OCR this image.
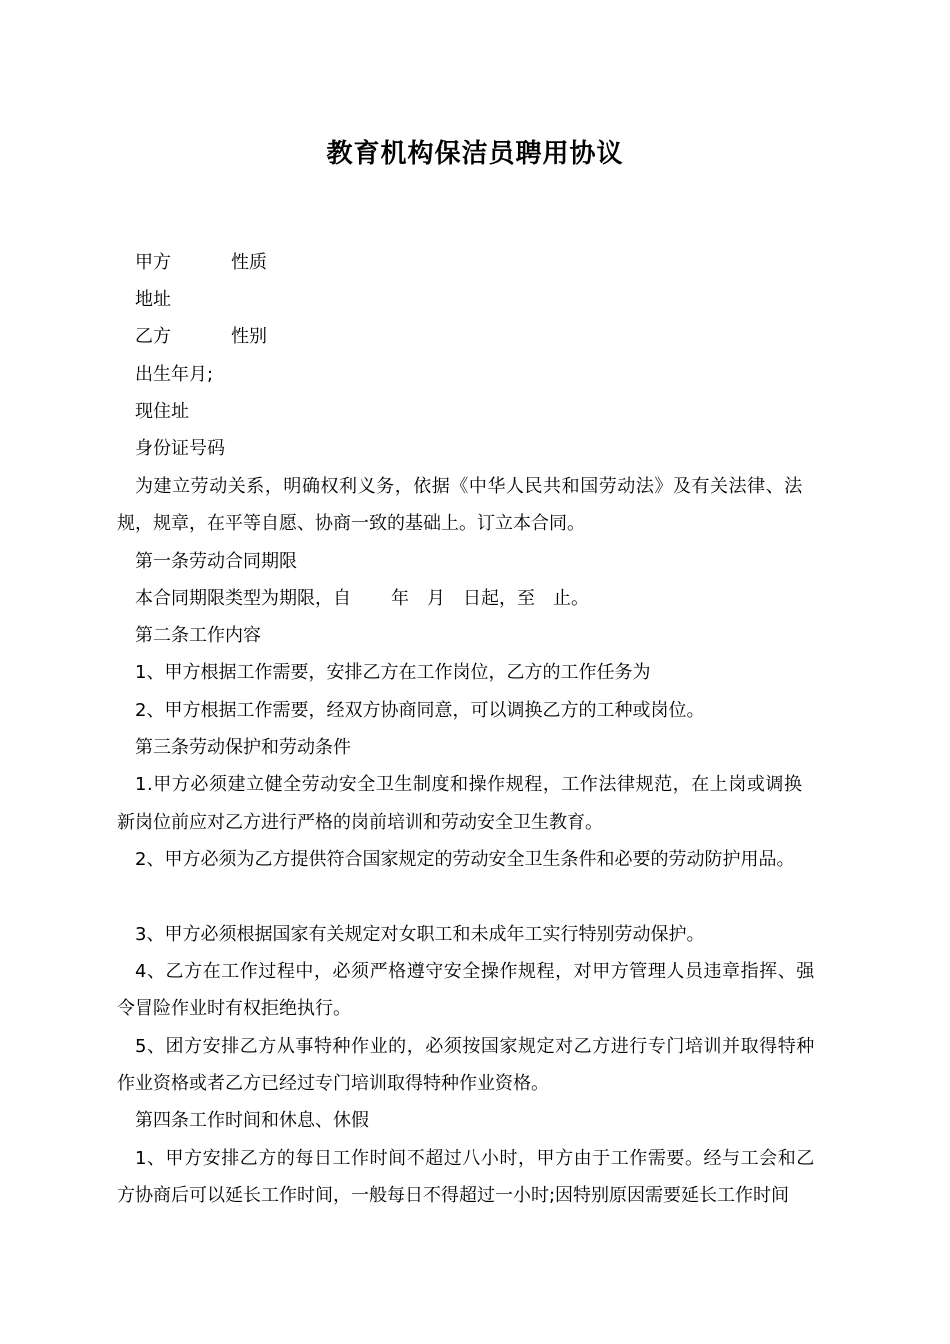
教育机构保洁员聘用协议
甲方	性质
地址
乙方	性别
出生年月;
现住址
身份证号码
为建立劳动关系，明确权利义务，依据《中华人民共和国劳动法》及有关法律、法
规，规章，在平等自愿、协商一致的基础上。订立本合同。
第一条劳动合同期限
本合同期限类型为期限，自 年 月 日起，至 止。
第二条工作内容
1、甲方根据工作需要，安排乙方在工作岗位，乙方的工作任务为
2、甲方根据工作需要，经双方协商同意，可以调换乙方的工种或岗位。
第三条劳动保护和劳动条件
1.甲方必须建立健全劳动安全卫生制度和操作规程，工作法律规范，在上岗或调换
新岗位前应对乙方进行严格的岗前培训和劳动安全卫生教育。
2、甲方必须为乙方提供符合国家规定的劳动安全卫生条件和必要的劳动防护用品。
3、甲方必须根据国家有关规定对女职工和未成年工实行特别劳动保护。
4、乙方在工作过程中，必须严格遵守安全操作规程，对甲方管理人员违章指挥、强
令冒险作业时有权拒绝执行。
5、团方安排乙方从事特种作业的，必须按国家规定对乙方进行专门培训并取得特种
作业资格或者乙方已经过专门培训取得特种作业资格。
第四条工作时间和休息、休假
1、甲方安排乙方的每日工作时间不超过八小时，甲方由于工作需要。经与工会和乙
方协商后可以延长工作时间，一般每日不得超过一小时;因特别原因需要延长工作时间
